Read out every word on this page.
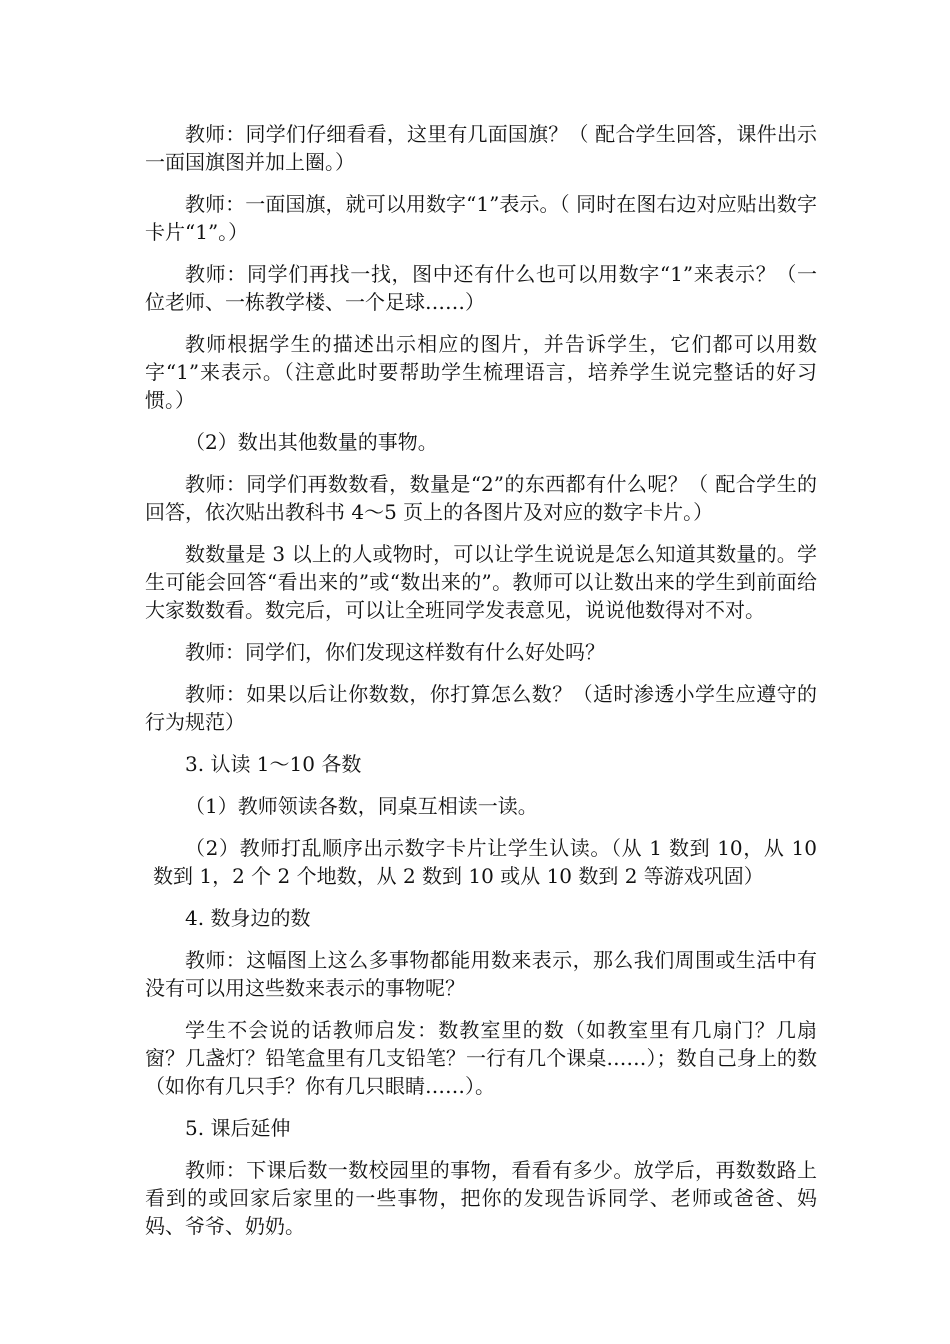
教师：同学们仔细看看，这里有几面国旗？（ 配合学生回答，课件出示一面国旗图并加上圈。）

教师：一面国旗，就可以用数字“1”表示。（ 同时在图右边对应贴出数字卡片“1”。）

教师：同学们再找一找，图中还有什么也可以用数字“1”来表示？（一位老师、一栋教学楼、一个足球……）

教师根据学生的描述出示相应的图片，并告诉学生，它们都可以用数字“1”来表示。（注意此时要帮助学生梳理语言，培养学生说完整话的好习惯。）

（2）数出其他数量的事物。

教师：同学们再数数看，数量是“2”的东西都有什么呢？（ 配合学生的回答，依次贴出教科书 4～5 页上的各图片及对应的数字卡片。）

数数量是 3 以上的人或物时，可以让学生说说是怎么知道其数量的。学生可能会回答“看出来的”或“数出来的”。教师可以让数出来的学生到前面给大家数数看。数完后，可以让全班同学发表意见，说说他数得对不对。

教师：同学们，你们发现这样数有什么好处吗？

教师：如果以后让你数数，你打算怎么数？（适时渗透小学生应遵守的行为规范）

3. 认读 1～10 各数

（1）教师领读各数，同桌互相读一读。

（2）教师打乱顺序出示数字卡片让学生认读。（从 1 数到 10，从 10 数到 1，2 个 2 个地数，从 2 数到 10 或从 10 数到 2 等游戏巩固）

4. 数身边的数

教师：这幅图上这么多事物都能用数来表示，那么我们周围或生活中有没有可以用这些数来表示的事物呢？

学生不会说的话教师启发：数教室里的数（如教室里有几扇门？几扇窗？几盏灯？铅笔盒里有几支铅笔？一行有几个课桌……）；数自己身上的数（如你有几只手？你有几只眼睛……）。

5. 课后延伸

教师：下课后数一数校园里的事物，看看有多少。放学后，再数数路上看到的或回家后家里的一些事物，把你的发现告诉同学、老师或爸爸、妈妈、爷爷、奶奶。
